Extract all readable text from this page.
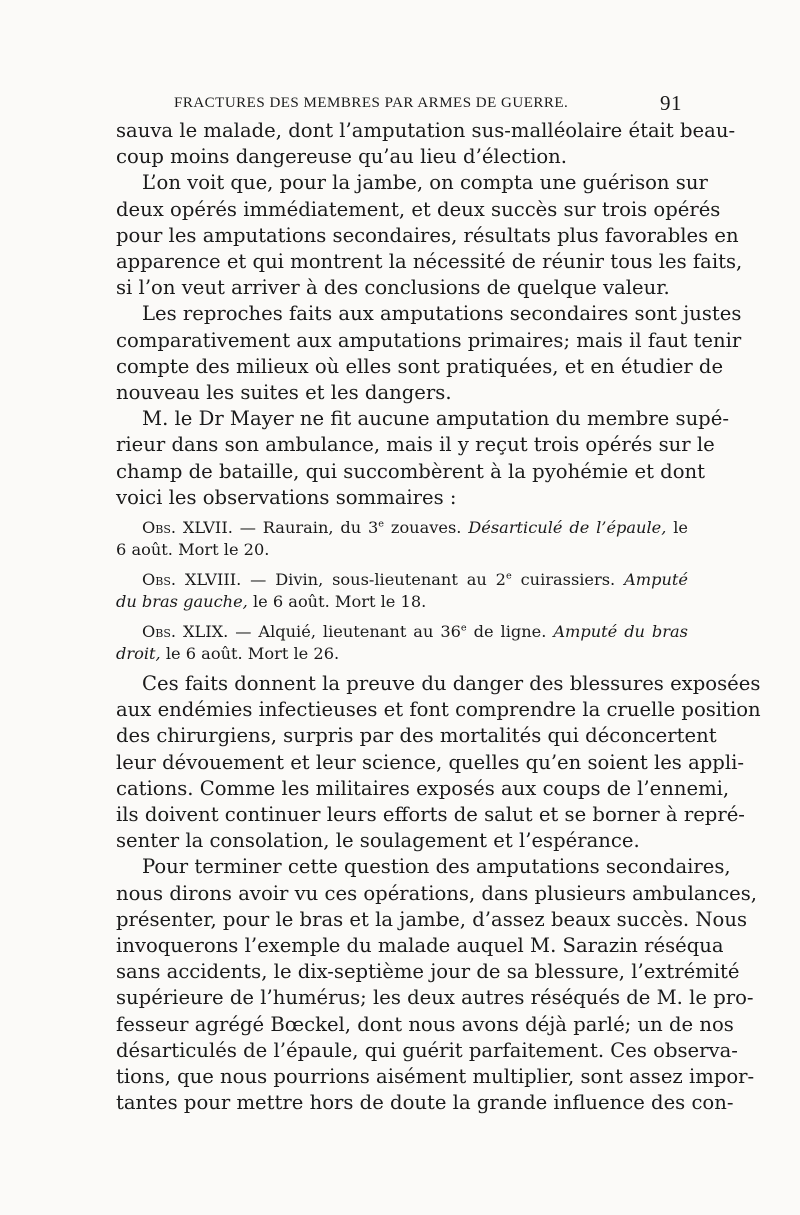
FRACTURES DES MEMBRES PAR ARMES DE GUERRE.	91

sauva le malade, dont l’amputation sus-malléolaire était beau-
coup moins dangereuse qu’au lieu d’élection.

L’on voit que, pour la jambe, on compta une guérison sur
deux opérés immédiatement, et deux succès sur trois opérés
pour les amputations secondaires, résultats plus favorables en
apparence et qui montrent la nécessité de réunir tous les faits,
si l’on veut arriver à des conclusions de quelque valeur.

Les reproches faits aux amputations secondaires sont justes
comparativement aux amputations primaires; mais il faut tenir
compte des milieux où elles sont pratiquées, et en étudier de
nouveau les suites et les dangers.

M. le Dr Mayer ne fit aucune amputation du membre supé-
rieur dans son ambulance, mais il y reçut trois opérés sur le
champ de bataille, qui succombèrent à la pyohémie et dont
voici les observations sommaires :

Obs. XLVII. — Raurain, du 3e zouaves. Désarticulé de l’épaule, le
6 août. Mort le 20.

Obs. XLVIII. — Divin, sous-lieutenant au 2e cuirassiers. Amputé
du bras gauche, le 6 août. Mort le 18.

Obs. XLIX. — Alquié, lieutenant au 36e de ligne. Amputé du bras
droit, le 6 août. Mort le 26.

Ces faits donnent la preuve du danger des blessures exposées
aux endémies infectieuses et font comprendre la cruelle position
des chirurgiens, surpris par des mortalités qui déconcertent
leur dévouement et leur science, quelles qu’en soient les appli-
cations. Comme les militaires exposés aux coups de l’ennemi,
ils doivent continuer leurs efforts de salut et se borner à repré-
senter la consolation, le soulagement et l’espérance.

Pour terminer cette question des amputations secondaires,
nous dirons avoir vu ces opérations, dans plusieurs ambulances,
présenter, pour le bras et la jambe, d’assez beaux succès. Nous
invoquerons l’exemple du malade auquel M. Sarazin réséqua
sans accidents, le dix-septième jour de sa blessure, l’extrémité
supérieure de l’humérus; les deux autres réséqués de M. le pro-
fesseur agrégé Bœckel, dont nous avons déjà parlé; un de nos
désarticulés de l’épaule, qui guérit parfaitement. Ces observa-
tions, que nous pourrions aisément multiplier, sont assez impor-
tantes pour mettre hors de doute la grande influence des con-
